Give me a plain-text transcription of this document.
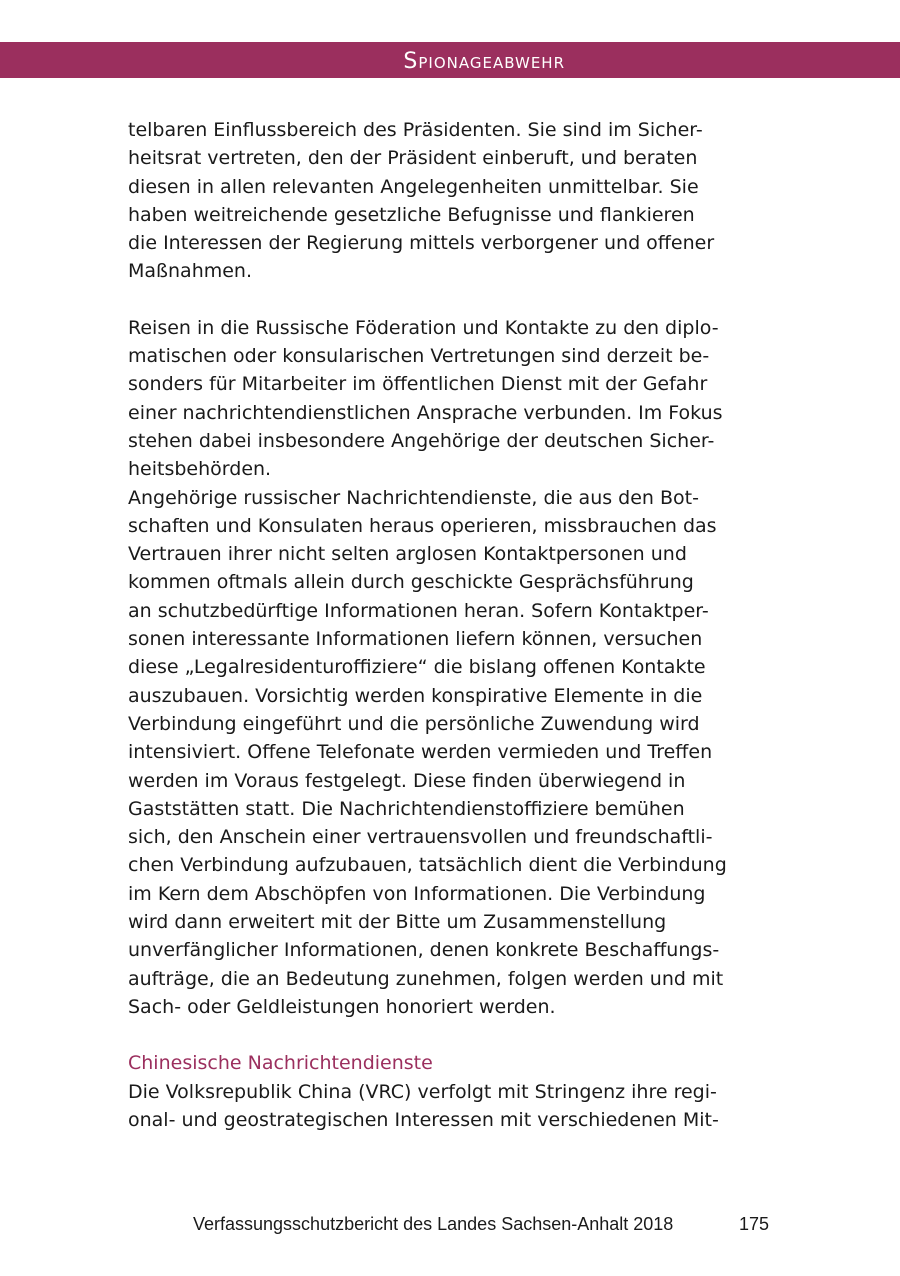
Spionageabwehr

telbaren Einflussbereich des Präsidenten. Sie sind im Sicher-
heitsrat vertreten, den der Präsident einberuft, und beraten
diesen in allen relevanten Angelegenheiten unmittelbar. Sie
haben weitreichende gesetzliche Befugnisse und flankieren
die Interessen der Regierung mittels verborgener und offener
Maßnahmen.

Reisen in die Russische Föderation und Kontakte zu den diplo-
matischen oder konsularischen Vertretungen sind derzeit be-
sonders für Mitarbeiter im öffentlichen Dienst mit der Gefahr
einer nachrichtendienstlichen Ansprache verbunden. Im Fokus
stehen dabei insbesondere Angehörige der deutschen Sicher-
heitsbehörden.

Angehörige russischer Nachrichtendienste, die aus den Bot-
schaften und Konsulaten heraus operieren, missbrauchen das
Vertrauen ihrer nicht selten arglosen Kontaktpersonen und
kommen oftmals allein durch geschickte Gesprächsführung
an schutzbedürftige Informationen heran. Sofern Kontaktper-
sonen interessante Informationen liefern können, versuchen
diese „Legalresidenturoffiziere“ die bislang offenen Kontakte
auszubauen. Vorsichtig werden konspirative Elemente in die
Verbindung eingeführt und die persönliche Zuwendung wird
intensiviert. Offene Telefonate werden vermieden und Treffen
werden im Voraus festgelegt. Diese finden überwiegend in
Gaststätten statt. Die Nachrichtendienstoffiziere bemühen
sich, den Anschein einer vertrauensvollen und freundschaftli-
chen Verbindung aufzubauen, tatsächlich dient die Verbindung
im Kern dem Abschöpfen von Informationen. Die Verbindung
wird dann erweitert mit der Bitte um Zusammenstellung
unverfänglicher Informationen, denen konkrete Beschaffungs-
aufträge, die an Bedeutung zunehmen, folgen werden und mit
Sach- oder Geldleistungen honoriert werden.

Chinesische Nachrichtendienste

Die Volksrepublik China (VRC) verfolgt mit Stringenz ihre regi-
onal- und geostrategischen Interessen mit verschiedenen Mit-

Verfassungsschutzbericht des Landes Sachsen-Anhalt 2018	175
